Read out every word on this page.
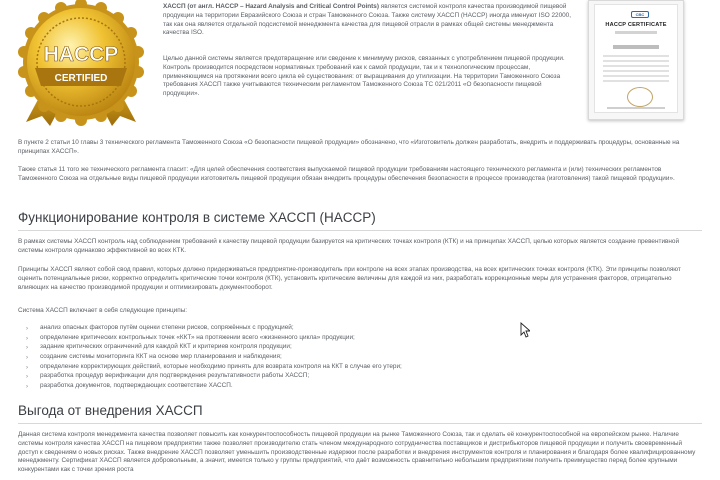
HACCP
CERTIFIED
CBC
HACCP CERTIFICATE

ХАССП (от англ. HACCP – Hazard Analysis and Critical Control Points) является системой контроля качества производимой пищевой продукции на территории Евразийского Союза и стран Таможенного Союза. Также систему ХАССП (HACCP) иногда именуют ISO 22000, так как она является отдельной подсистемой менеджмента качества для пищевой отрасли в рамках общей системы менеджмента качества ISO.

Целью данной системы является предотвращение или сведение к минимуму рисков, связанных с употреблением пищевой продукции. Контроль производится посредством нормативных требований как к самой продукции, так и к технологическим процессам, применяющимся на протяжении всего цикла её существования: от выращивания до утилизации. На территории Таможенного Союза требования ХАССП также учитываются техническим регламентом Таможенного Союза ТС 021/2011 «О безопасности пищевой продукции».

В пункте 2 статьи 10 главы 3 технического регламента Таможенного Союза «О безопасности пищевой продукции» обозначено, что «Изготовитель должен разработать, внедрить и поддерживать процедуры, основанные на принципах ХАССП».

Также статья 11 того же технического регламента гласит: «Для целей обеспечения соответствия выпускаемой пищевой продукции требованиям настоящего технического регламента и (или) технических регламентов Таможенного Союза на отдельные виды пищевой продукции изготовитель пищевой продукции обязан внедрить процедуры обеспечения безопасности в процессе производства (изготовления) такой пищевой продукции».

Функционирование контроля в системе ХАССП (HACCP)

В рамках системы ХАССП контроль над соблюдением требований к качеству пищевой продукции базируется на критических точках контроля (КТК) и на принципах ХАССП, целью которых является создание превентивной системы контроля одинаково эффективной во всех КТК.

Принципы ХАССП являют собой свод правил, которых должно придерживаться предприятие-производитель при контроле на всех этапах производства, на всех критических точках контроля (КТК). Эти принципы позволяют оценить потенциальные риски, корректно определить критические точки контроля (КТК), установить критические величины для каждой из них, разработать коррекционные меры для устранения факторов, отрицательно влияющих на качество производимой продукции и оптимизировать документооборот.

Система ХАССП включает в себя следующие принципы:

›	анализ опасных факторов путём оценки степени рисков, сопряжённых с продукцией;
›	определение критических контрольных точек «ККТ» на протяжении всего «жизненного цикла» продукции;
›	задание критических ограничений для каждой ККТ и критериев контроля продукции;
›	создание системы мониторинга ККТ на основе мер планирования и наблюдения;
›	определение корректирующих действий, которые необходимо принять для возврата контроля на ККТ в случае его утери;
›	разработка процедур верификации для подтверждения результативности работы ХАССП;
›	разработка документов, подтверждающих соответствие ХАССП.
Выгода от внедрения ХАССП

Данная система контроля менеджмента качества позволяет повысить как конкурентоспособность пищевой продукции на рынке Таможенного Союза, так и сделать её конкурентоспособной на европейском рынке. Наличие системы контроля качества ХАССП на пищевом предприятии также позволяет производителю стать членом международного сотрудничества поставщиков и дистрибьюторов пищевой продукции и получить своевременный доступ к сведениям о новых рисках. Также внедрение ХАССП позволяет уменьшить производственные издержки после разработки и внедрения инструментов контроля и планирования и благодаря более квалифицированному менеджменту. Сертификат ХАССП является добровольным, а значит, имеется только у группы предприятий, что даёт возможность сравнительно небольшим предприятиям получить преимущество перед более крупными конкурентами как с точки зрения роста
